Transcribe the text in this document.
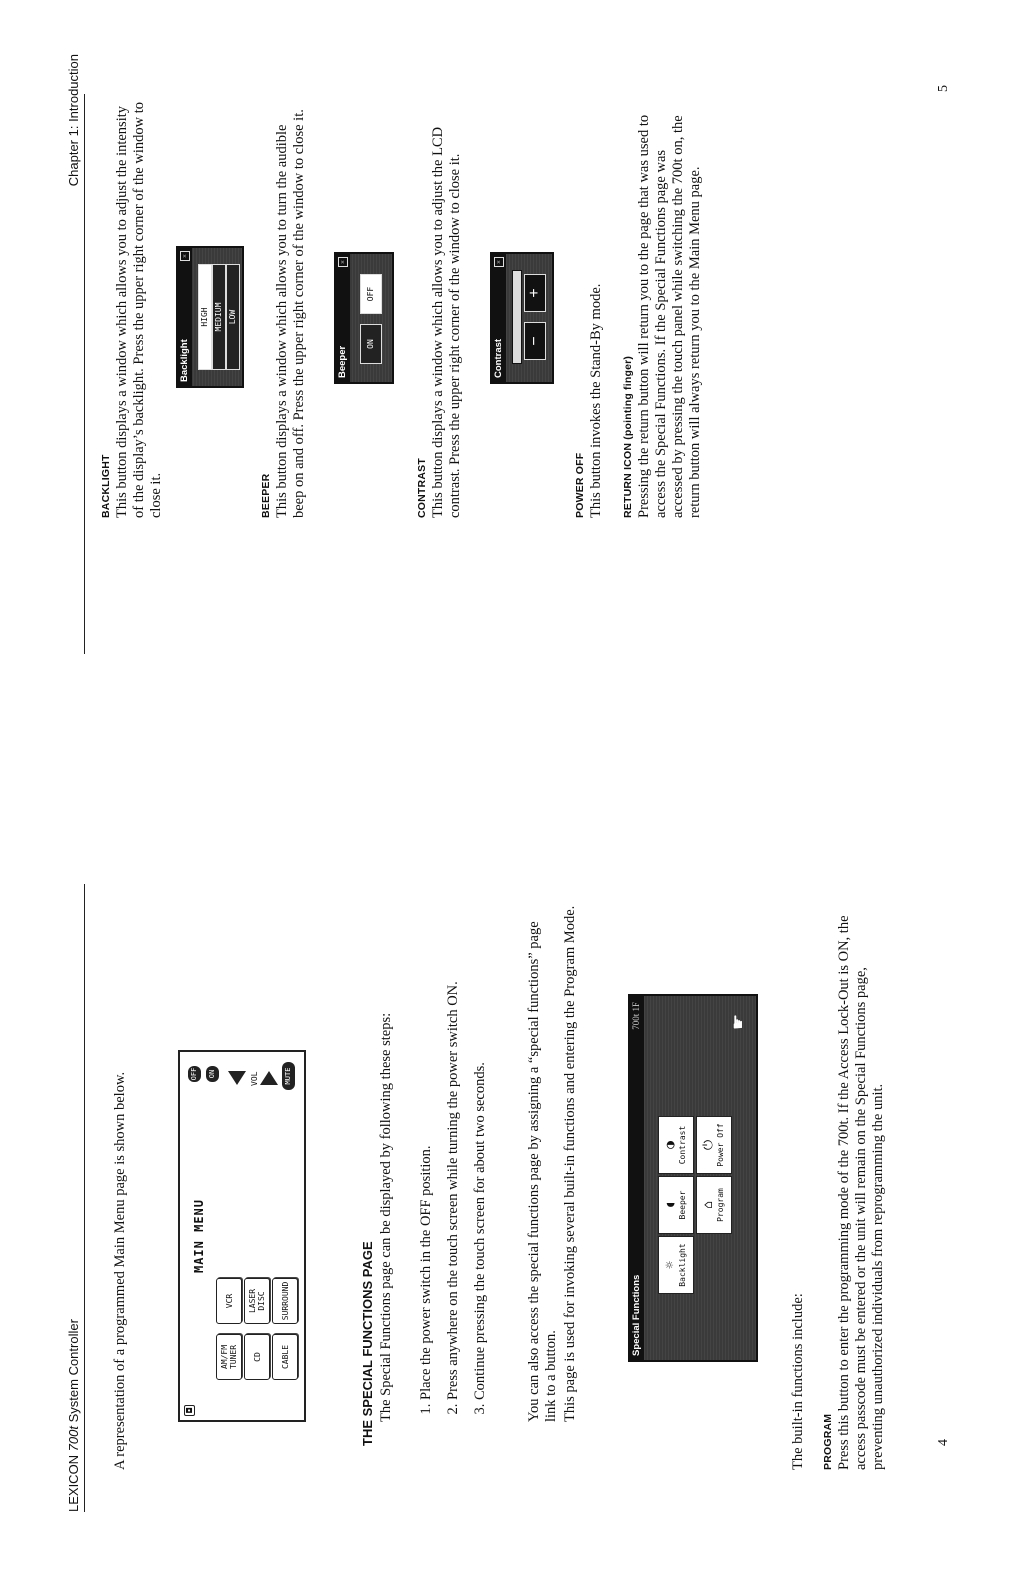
LEXICON 700t System Controller A representation of a programmed Main Menu page is shown below.	◘
MAIN MENU
AM/FM TUNER
VCR
CD
LASER DISC
CABLE
SURROUND
OFF	ON	VOL	MUTE
THE SPECIAL FUNCTIONS PAGE The Special Functions page can be displayed by following these steps: 1. Place the power switch in the OFF position. 2. Press anywhere on the touch screen while turning the power switch ON. 3. Continue pressing the touch screen for about two seconds.	You can also access the special functions page by assigning a “special functions” page link to a button. This page is used for invoking several built-in functions and entering the Program Mode.	Special Functions
700t 1F
☼ Backlight
◖ Beeper
◑ Contrast
⌂ Program
⏻ Power Off
☛
The built-in functions include: PROGRAM Press this button to enter the programming mode of the 700t. If the Access Lock-Out is ON, the access passcode must be entered or the unit will remain on the Special Functions page, preventing unauthorized individuals from reprogramming the unit.	4
Chapter 1: Introduction
BACKLIGHT This button displays a window which allows you to adjust the intensity of the display’s backlight. Press the upper right corner of the window to close it.
Backlight
×
HIGH MEDIUM LOW
BEEPER This button displays a window which allows you to turn the audible beep on and off. Press the upper right corner of the window to close it.	Beeper
×
ON
OFF
CONTRAST This button displays a window which allows you to adjust the LCD contrast. Press the upper right corner of the window to close it.	Contrast
×
−
+
POWER OFF This button invokes the Stand-By mode. RETURN ICON (pointing finger) Pressing the return button will return you to the page that was used to access the Special Functions. If the Special Functions page was accessed by pressing the touch panel while switching the 700t on, the return button will always return you to the Main Menu page.
5
